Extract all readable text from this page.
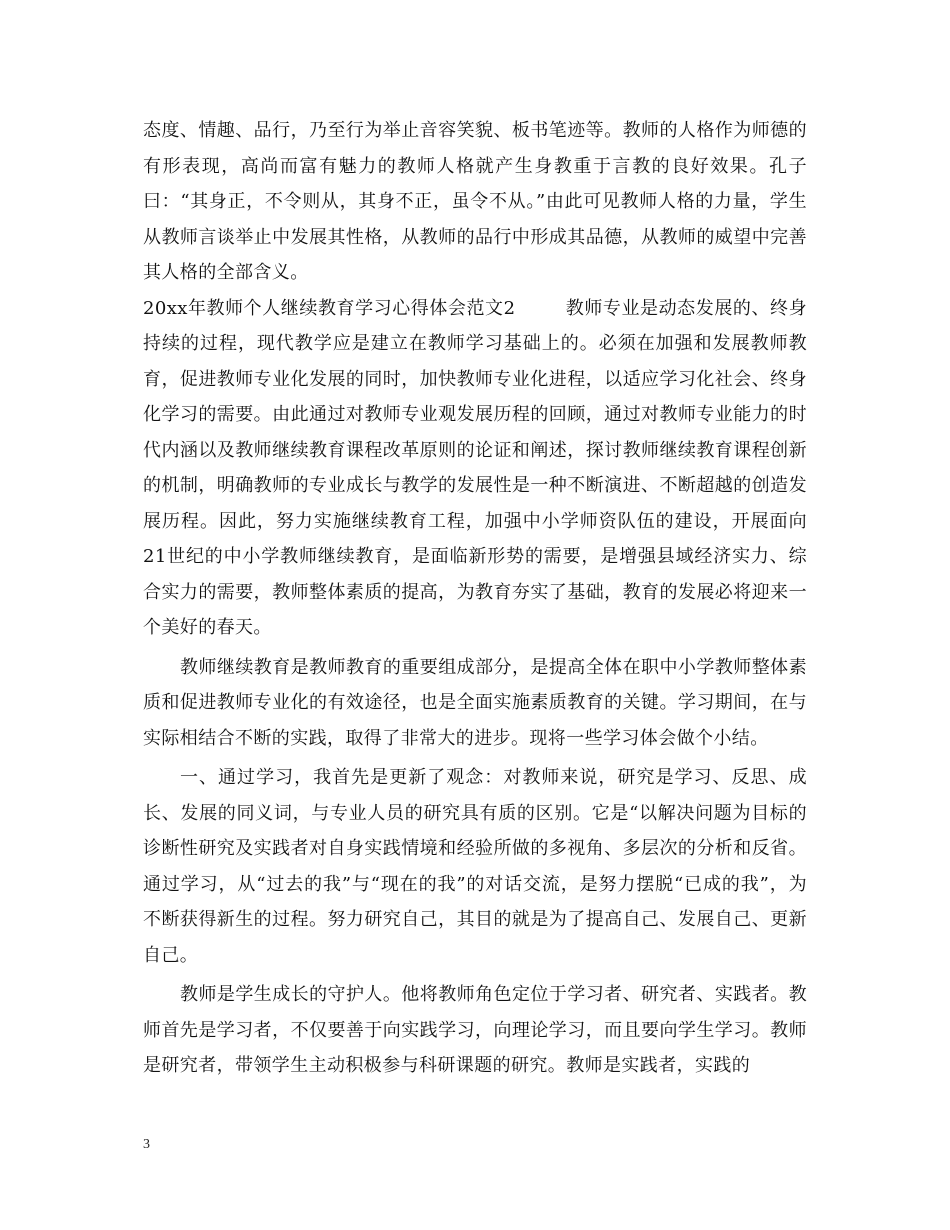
态度、情趣、品行，乃至行为举止音容笑貌、板书笔迹等。教师的人格作为师德的有形表现，高尚而富有魅力的教师人格就产生身教重于言教的良好效果。孔子曰：“其身正，不令则从，其身不正，虽令不从。”由此可见教师人格的力量，学生从教师言谈举止中发展其性格，从教师的品行中形成其品德，从教师的威望中完善其人格的全部含义。

20xx年教师个人继续教育学习心得体会范文2	教师专业是动态发展的、终身持续的过程，现代教学应是建立在教师学习基础上的。必须在加强和发展教师教育，促进教师专业化发展的同时，加快教师专业化进程，以适应学习化社会、终身化学习的需要。由此通过对教师专业观发展历程的回顾，通过对教师专业能力的时代内涵以及教师继续教育课程改革原则的论证和阐述，探讨教师继续教育课程创新的机制，明确教师的专业成长与教学的发展性是一种不断演进、不断超越的创造发展历程。因此，努力实施继续教育工程，加强中小学师资队伍的建设，开展面向21世纪的中小学教师继续教育，是面临新形势的需要，是增强县域经济实力、综合实力的需要，教师整体素质的提高，为教育夯实了基础，教育的发展必将迎来一个美好的春天。

教师继续教育是教师教育的重要组成部分，是提高全体在职中小学教师整体素质和促进教师专业化的有效途径，也是全面实施素质教育的关键。学习期间，在与实际相结合不断的实践，取得了非常大的进步。现将一些学习体会做个小结。

一、通过学习，我首先是更新了观念：对教师来说，研究是学习、反思、成长、发展的同义词，与专业人员的研究具有质的区别。它是“以解决问题为目标的诊断性研究及实践者对自身实践情境和经验所做的多视角、多层次的分析和反省。通过学习，从“过去的我”与“现在的我”的对话交流，是努力摆脱“已成的我”，为不断获得新生的过程。努力研究自己，其目的就是为了提高自己、发展自己、更新自己。

教师是学生成长的守护人。他将教师角色定位于学习者、研究者、实践者。教师首先是学习者，不仅要善于向实践学习，向理论学习，而且要向学生学习。教师是研究者，带领学生主动积极参与科研课题的研究。教师是实践者，实践的

3
